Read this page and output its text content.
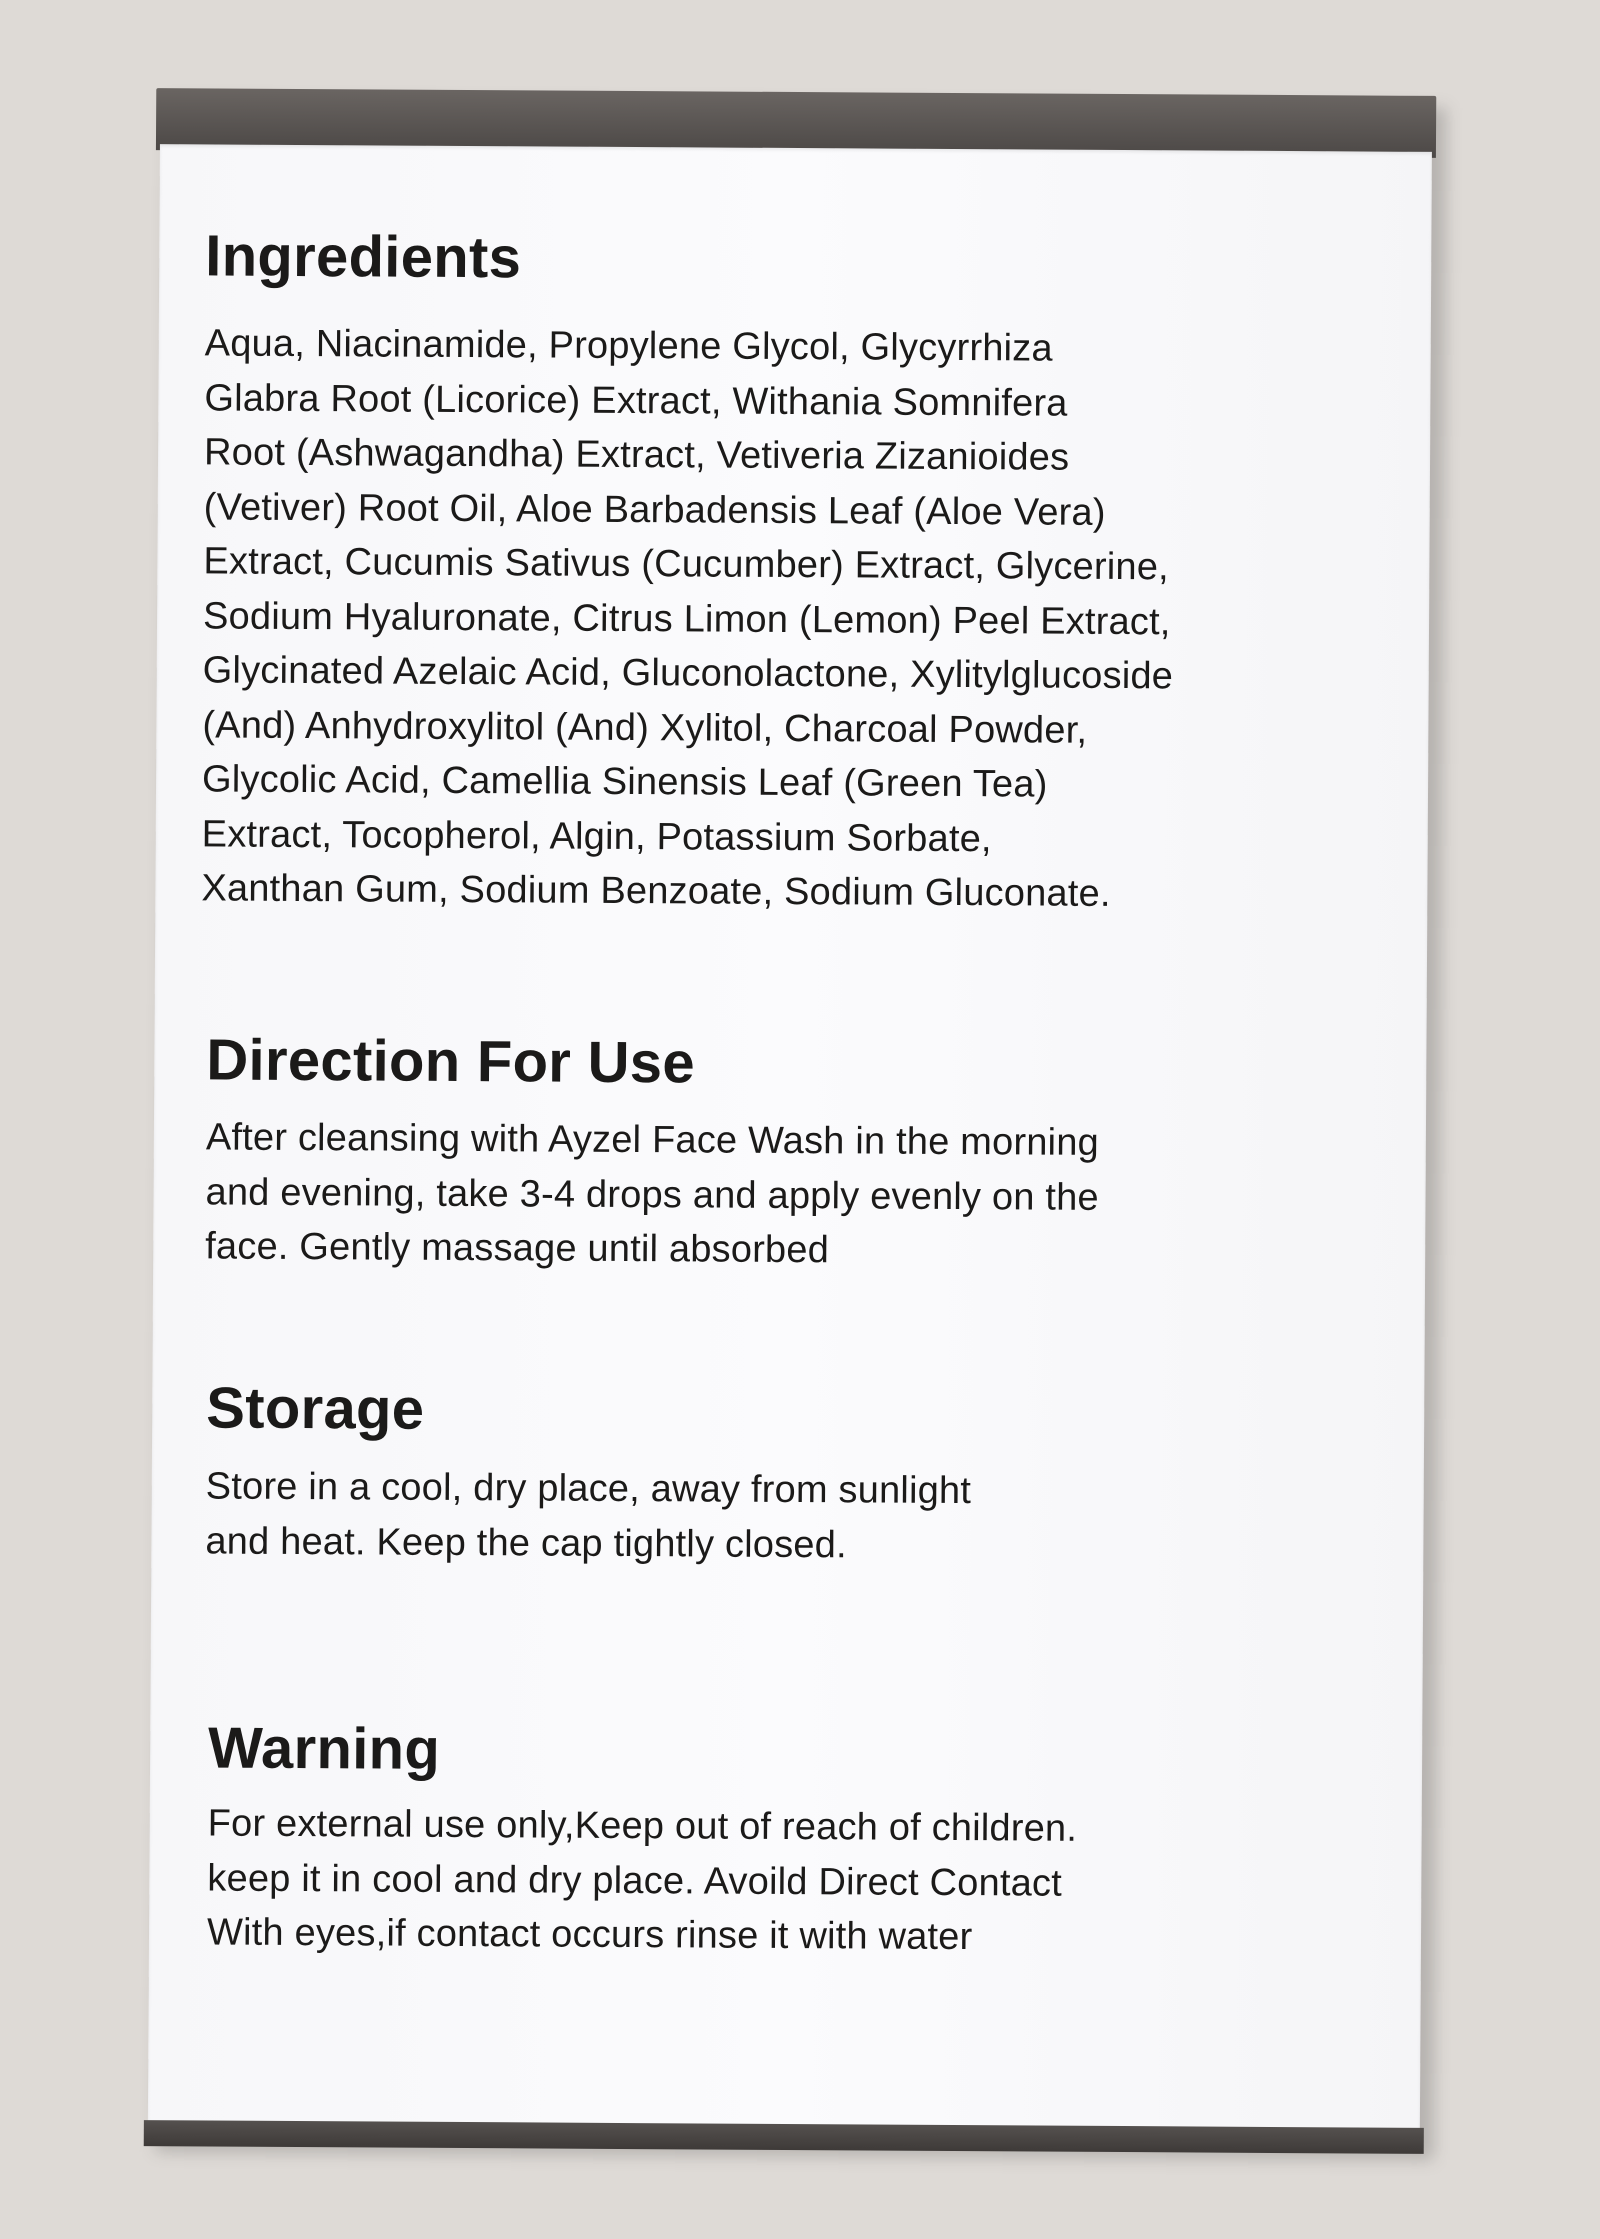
Ingredients

Aqua, Niacinamide, Propylene Glycol, Glycyrrhiza
Glabra Root (Licorice) Extract, Withania Somnifera
Root (Ashwagandha) Extract, Vetiveria Zizanioides
(Vetiver) Root Oil, Aloe Barbadensis Leaf (Aloe Vera)
Extract, Cucumis Sativus (Cucumber) Extract, Glycerine,
Sodium Hyaluronate, Citrus Limon (Lemon) Peel Extract,
Glycinated Azelaic Acid, Gluconolactone, Xylitylglucoside
(And) Anhydroxylitol (And) Xylitol, Charcoal Powder,
Glycolic Acid, Camellia Sinensis Leaf (Green Tea)
Extract, Tocopherol, Algin, Potassium Sorbate,
Xanthan Gum, Sodium Benzoate, Sodium Gluconate.

Direction For Use

After cleansing with Ayzel Face Wash in the morning
and evening, take 3-4 drops and apply evenly on the
face. Gently massage until absorbed

Storage

Store in a cool, dry place, away from sunlight
and heat. Keep the cap tightly closed.

Warning

For external use only,Keep out of reach of children.
keep it in cool and dry place. Avoild Direct Contact
With eyes,if contact occurs rinse it with water
